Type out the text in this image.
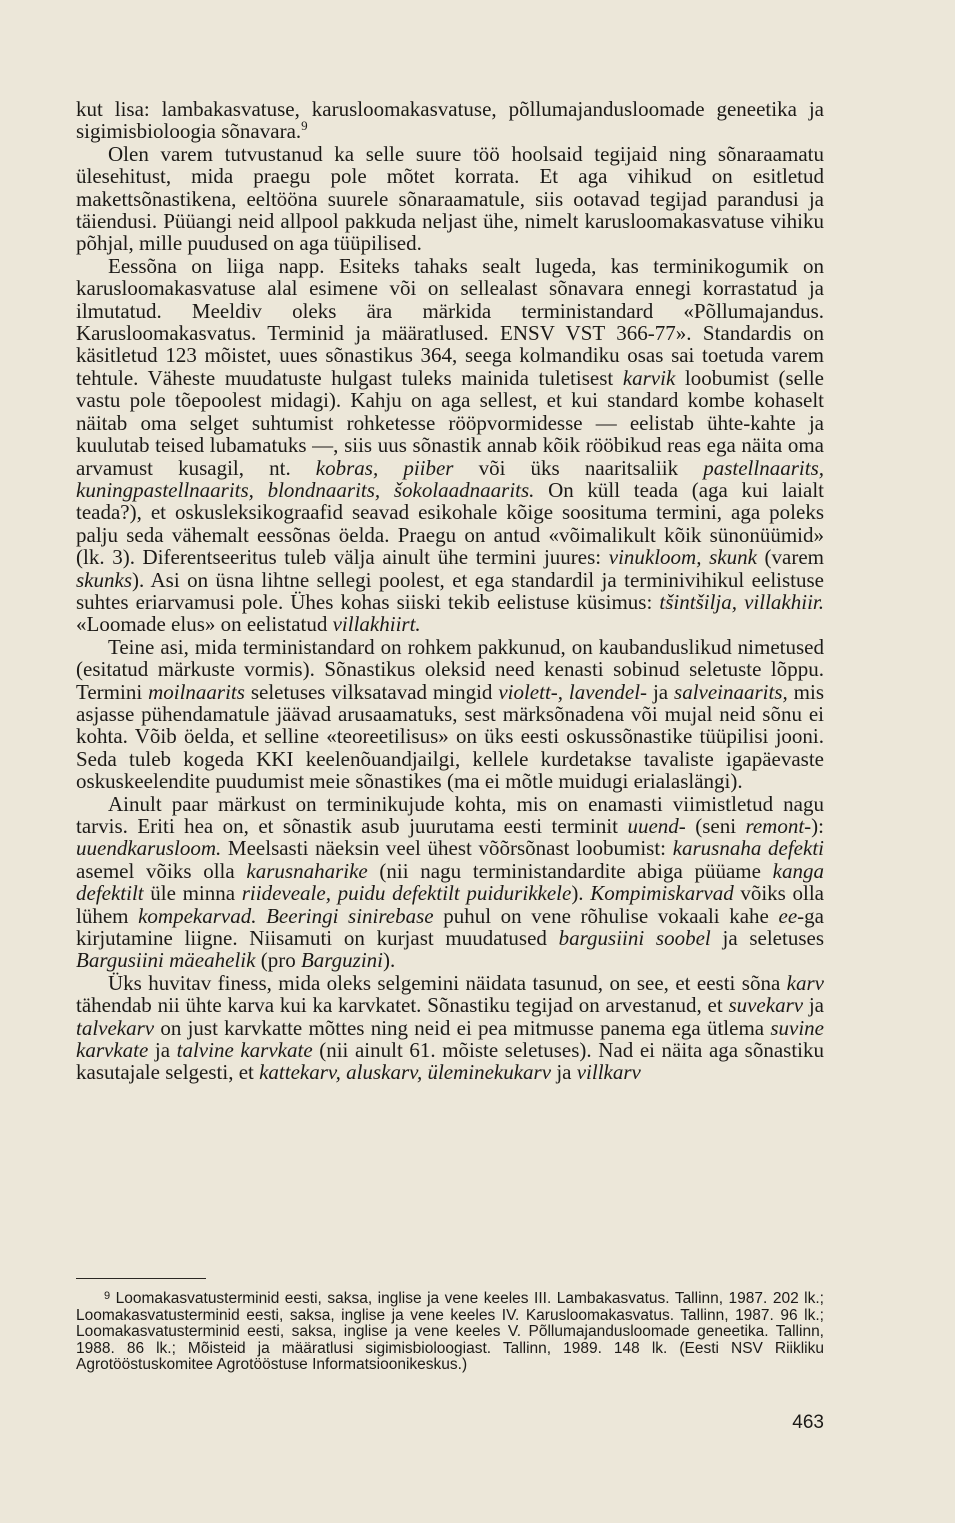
kut lisa: lambakasvatuse, karusloomakasvatuse, põllumajandusloomade geneetika ja sigimisbioloogia sõnavara.$^9$

Olen varem tutvustanud ka selle suure töö hoolsaid tegijaid ning sõnaraamatu ülesehitust, mida praegu pole mõtet korrata. Et aga vihikud on esitletud makettsõnastikena, eeltööna suurele sõnaraamatule, siis ootavad tegijad parandusi ja täiendusi. Püüangi neid allpool pakkuda neljast ühe, nimelt karusloomakasvatuse vihiku põhjal, mille puudused on aga tüüpilised.

Eessõna on liiga napp. Esiteks tahaks sealt lugeda, kas terminikogumik on karusloomakasvatuse alal esimene või on sellealast sõnavara ennegi korrastatud ja ilmutatud. Meeldiv oleks ära märkida terministandard «Põllumajandus. Karusloomakasvatus. Terminid ja määratlused. ENSV VST 366-77». Standardis on käsitletud 123 mõistet, uues sõnastikus 364, seega kolmandiku osas sai toetuda varem tehtule. Väheste muudatuste hulgast tuleks mainida tuletisest karvik loobumist (selle vastu pole tõepoolest midagi). Kahju on aga sellest, et kui standard kombe kohaselt näitab oma selget suhtumist rohketesse rööpvormidesse — eelistab ühte-kahte ja kuulutab teised lubamatuks —, siis uus sõnastik annab kõik rööbikud reas ega näita oma arvamust kusagil, nt. kobras, piiber või üks naaritsaliik pastellnaarits, kuningpastellnaarits, blondnaarits, šokolaadnaarits. On küll teada (aga kui laialt teada?), et oskusleksikograafid seavad esikohale kõige soosituma termini, aga poleks palju seda vähemalt eessõnas öelda. Praegu on antud «võimalikult kõik sünonüümid» (lk. 3). Diferentseeritus tuleb välja ainult ühe termini juures: vinukloom, skunk (varem skunks). Asi on üsna lihtne sellegi poolest, et ega standardil ja terminivihikul eelistuse suhtes eriarvamusi pole. Ühes kohas siiski tekib eelistuse küsimus: tšintšilja, villakhiir. «Loomade elus» on eelistatud villakhiirt.

Teine asi, mida terministandard on rohkem pakkunud, on kaubanduslikud nimetused (esitatud märkuste vormis). Sõnastikus oleksid need kenasti sobinud seletuste lõppu. Termini moilnaarits seletuses vilksatavad mingid violett-, lavendel- ja salveinaarits, mis asjasse pühendamatule jäävad arusaamatuks, sest märksõnadena või mujal neid sõnu ei kohta. Võib öelda, et selline «teoreetilisus» on üks eesti oskussõnastike tüüpilisi jooni. Seda tuleb kogeda KKI keelenõuandjailgi, kellele kurdetakse tavaliste igapäevaste oskuskeelendite puudumist meie sõnastikes (ma ei mõtle muidugi erialaslängi).

Ainult paar märkust on terminikujude kohta, mis on enamasti viimistletud nagu tarvis. Eriti hea on, et sõnastik asub juurutama eesti terminit uuend- (seni remont-): uuendkarusloom. Meelsasti näeksin veel ühest võõrsõnast loobumist: karusnaha defekti asemel võiks olla karusnaharike (nii nagu terministandardite abiga püüame kanga defektilt üle minna riideveale, puidu defektilt puidurikkele). Kompimiskarvad võiks olla lühem kompekarvad. Beeringi sinirebase puhul on vene rõhulise vokaali kahe ee-ga kirjutamine liigne. Niisamuti on kurjast muudatused bargusiini soobel ja seletuses Bargusiini mäeahelik (pro Barguzini).

Üks huvitav finess, mida oleks selgemini näidata tasunud, on see, et eesti sõna karv tähendab nii ühte karva kui ka karvkatet. Sõnastiku tegijad on arvestanud, et suvekarv ja talvekarv on just karvkatte mõttes ning neid ei pea mitmusse panema ega ütlema suvine karvkate ja talvine karvkate (nii ainult 61. mõiste seletuses). Nad ei näita aga sõnastiku kasutajale selgesti, et kattekarv, aluskarv, üleminekukarv ja villkarv

$^9$ Loomakasvatusterminid eesti, saksa, inglise ja vene keeles III. Lambakasvatus. Tallinn, 1987. 202 lk.; Loomakasvatusterminid eesti, saksa, inglise ja vene keeles IV. Karusloomakasvatus. Tallinn, 1987. 96 lk.; Loomakasvatusterminid eesti, saksa, inglise ja vene keeles V. Põllumajandusloomade geneetika. Tallinn, 1988. 86 lk.; Mõisteid ja määratlusi sigimisbioloogiast. Tallinn, 1989. 148 lk. (Eesti NSV Riikliku Agrotööstuskomitee Agrotööstuse Informatsioonikeskus.)
463
